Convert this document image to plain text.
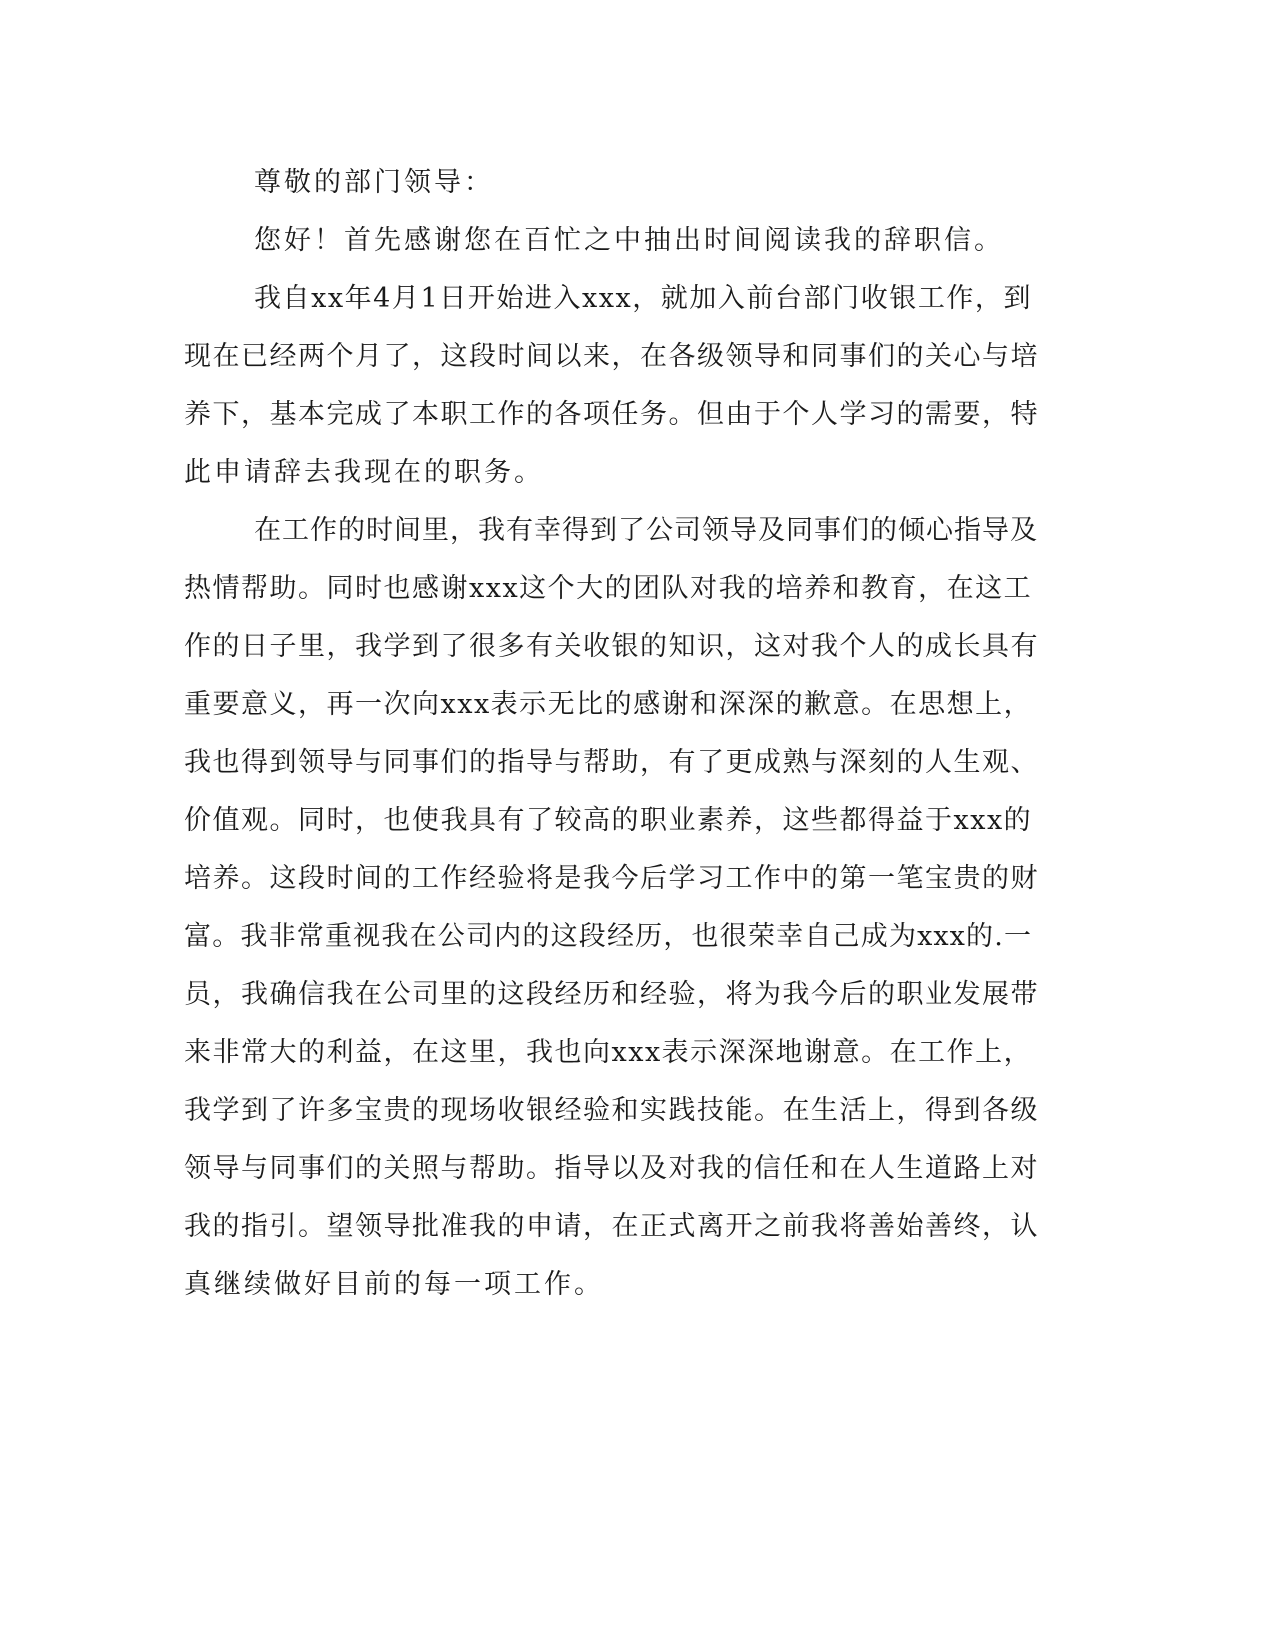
尊敬的部门领导：

您好！首先感谢您在百忙之中抽出时间阅读我的辞职信。

我自xx年4月1日开始进入xxx，就加入前台部门收银工作，到

现在已经两个月了，这段时间以来，在各级领导和同事们的关心与培

养下，基本完成了本职工作的各项任务。但由于个人学习的需要，特

此申请辞去我现在的职务。

在工作的时间里，我有幸得到了公司领导及同事们的倾心指导及

热情帮助。同时也感谢xxx这个大的团队对我的培养和教育，在这工

作的日子里，我学到了很多有关收银的知识，这对我个人的成长具有

重要意义，再一次向xxx表示无比的感谢和深深的歉意。在思想上，

我也得到领导与同事们的指导与帮助，有了更成熟与深刻的人生观、

价值观。同时，也使我具有了较高的职业素养，这些都得益于xxx的

培养。这段时间的工作经验将是我今后学习工作中的第一笔宝贵的财

富。我非常重视我在公司内的这段经历，也很荣幸自己成为xxx的.一

员，我确信我在公司里的这段经历和经验，将为我今后的职业发展带

来非常大的利益，在这里，我也向xxx表示深深地谢意。在工作上，

我学到了许多宝贵的现场收银经验和实践技能。在生活上，得到各级

领导与同事们的关照与帮助。指导以及对我的信任和在人生道路上对

我的指引。望领导批准我的申请，在正式离开之前我将善始善终，认

真继续做好目前的每一项工作。
